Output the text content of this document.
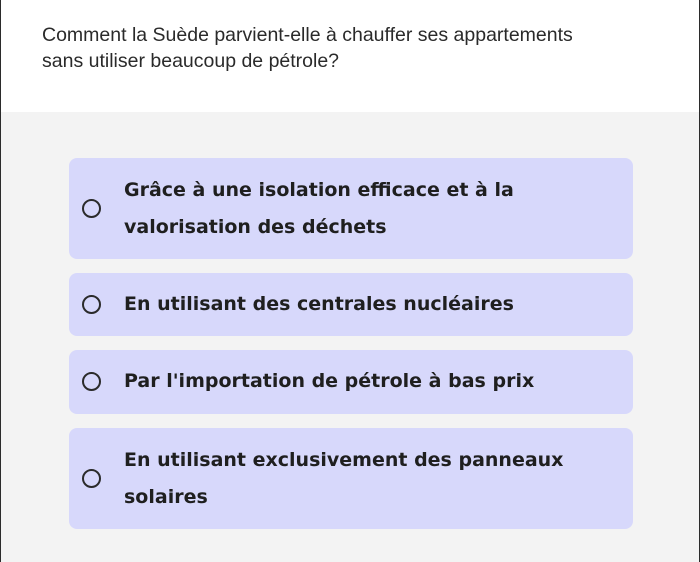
Comment la Suède parvient-elle à chauffer ses appartements sans utiliser beaucoup de pétrole?

Grâce à une isolation efficace et à la valorisation des déchets
En utilisant des centrales nucléaires
Par l'importation de pétrole à bas prix
En utilisant exclusivement des panneaux solaires
